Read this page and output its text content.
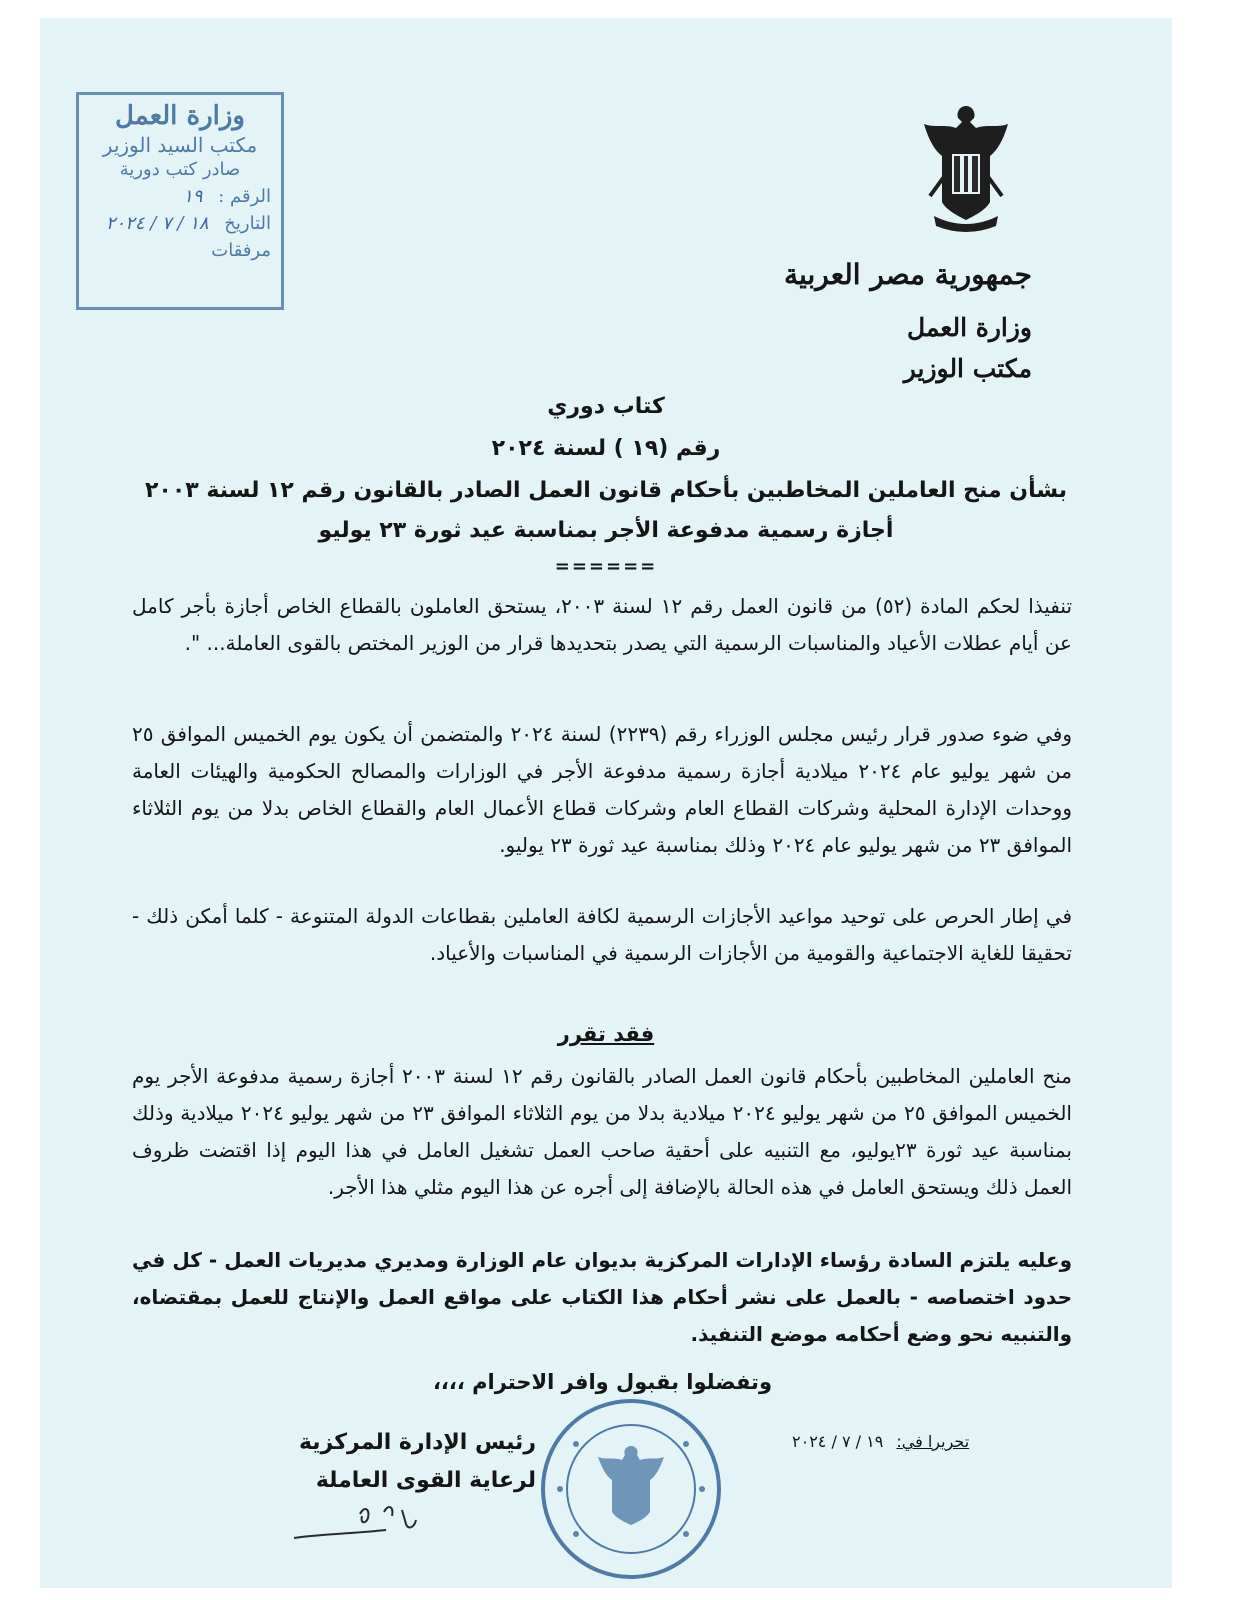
جمهورية مصر العربية
وزارة العمل
مكتب الوزير
وزارة العمل
مكتب السيد الوزير
صادر كتب دورية
الرقم : ١٩
التاريخ ١٨ / ٧ / ٢٠٢٤
مرفقات
كتاب دوري
رقم (١٩ ) لسنة ٢٠٢٤
بشأن منح العاملين المخاطبين بأحكام قانون العمل الصادر بالقانون رقم ١٢ لسنة ٢٠٠٣
أجازة رسمية مدفوعة الأجر بمناسبة عيد ثورة ٢٣ يوليو
======
تنفيذا لحكم المادة (٥٢) من قانون العمل رقم ١٢ لسنة ٢٠٠٣، يستحق العاملون بالقطاع الخاص أجازة بأجر كامل عن أيام عطلات الأعياد والمناسبات الرسمية التي يصدر بتحديدها قرار من الوزير المختص بالقوى العاملة... ".
وفي ضوء صدور قرار رئيس مجلس الوزراء رقم (٢٢٣٩) لسنة ٢٠٢٤ والمتضمن أن يكون يوم الخميس الموافق ٢٥ من شهر يوليو عام ٢٠٢٤ ميلادية أجازة رسمية مدفوعة الأجر في الوزارات والمصالح الحكومية والهيئات العامة ووحدات الإدارة المحلية وشركات القطاع العام وشركات قطاع الأعمال العام والقطاع الخاص بدلا من يوم الثلاثاء الموافق ٢٣ من شهر يوليو عام ٢٠٢٤ وذلك بمناسبة عيد ثورة ٢٣ يوليو.
في إطار الحرص على توحيد مواعيد الأجازات الرسمية لكافة العاملين بقطاعات الدولة المتنوعة - كلما أمكن ذلك - تحقيقا للغاية الاجتماعية والقومية من الأجازات الرسمية في المناسبات والأعياد.
فقد تقرر
منح العاملين المخاطبين بأحكام قانون العمل الصادر بالقانون رقم ١٢ لسنة ٢٠٠٣ أجازة رسمية مدفوعة الأجر يوم الخميس الموافق ٢٥ من شهر يوليو ٢٠٢٤ ميلادية بدلا من يوم الثلاثاء الموافق ٢٣ من شهر يوليو ٢٠٢٤ ميلادية وذلك بمناسبة عيد ثورة ٢٣يوليو، مع التنبيه على أحقية صاحب العمل تشغيل العامل في هذا اليوم إذا اقتضت ظروف العمل ذلك ويستحق العامل في هذه الحالة بالإضافة إلى أجره عن هذا اليوم مثلي هذا الأجر.
وعليه يلتزم السادة رؤساء الإدارات المركزية بديوان عام الوزارة ومديري مديريات العمل - كل في حدود اختصاصه - بالعمل على نشر أحكام هذا الكتاب على مواقع العمل والإنتاج للعمل بمقتضاه، والتنبيه نحو وضع أحكامه موضع التنفيذ.
وتفضلوا بقبول وافر الاحترام ،،،،
تحريرا في: ١٩ / ٧ / ٢٠٢٤
رئيس الإدارة المركزية
لرعاية القوى العاملة
